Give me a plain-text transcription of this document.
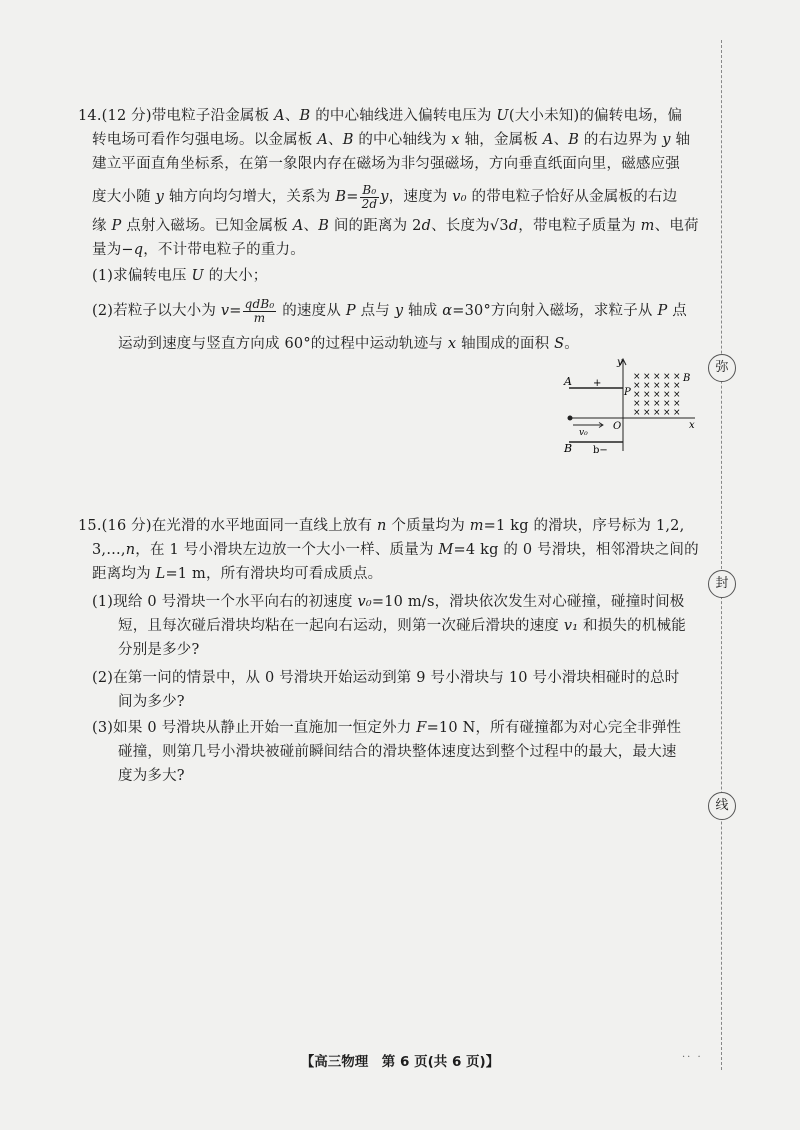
14.(12 分)带电粒子沿金属板 A、B 的中心轴线进入偏转电压为 U(大小未知)的偏转电场，偏
转电场可看作匀强电场。以金属板 A、B 的中心轴线为 x 轴，金属板 A、B 的右边界为 y 轴
建立平面直角坐标系，在第一象限内存在磁场为非匀强磁场，方向垂直纸面向里，磁感应强
度大小随 y 轴方向均匀增大，关系为 $B= \frac{\text{B₀}}{2d}$ y，速度为 v₀ 的带电粒子恰好从金属板的右边
缘 P 点射入磁场。已知金属板 A、B 间的距离为 2d、长度为√3d，带电粒子质量为 m、电荷
量为−q，不计带电粒子的重力。
(1)求偏转电压 U 的大小；
(2)若粒子以大小为 $v= \frac{\text{qdB₀}}{m}$ 的速度从 P 点与 y 轴成 α=30°方向射入磁场，求粒子从 P 点
运动到速度与竖直方向成 60°的过程中运动轨迹与 x 轴围成的面积 S。
v₀
A +
B b−
P
O
y
x
B
× × × × ×
× × × × ×
× × × × ×
× × × × ×
× × × × ×
15.(16 分)在光滑的水平地面同一直线上放有 n 个质量均为 m=1 kg 的滑块，序号标为 1,2,
3,…,n，在 1 号小滑块左边放一个大小一样、质量为 M=4 kg 的 0 号滑块，相邻滑块之间的
距离均为 L=1 m，所有滑块均可看成质点。
(1)现给 0 号滑块一个水平向右的初速度 v₀=10 m/s，滑块依次发生对心碰撞，碰撞时间极
短，且每次碰后滑块均粘在一起向右运动，则第一次碰后滑块的速度 v₁ 和损失的机械能
分别是多少?
(2)在第一问的情景中，从 0 号滑块开始运动到第 9 号小滑块与 10 号小滑块相碰时的总时
间为多少?
(3)如果 0 号滑块从静止开始一直施加一恒定外力 F=10 N，所有碰撞都为对心完全非弹性
碰撞，则第几号小滑块被碰前瞬间结合的滑块整体速度达到整个过程中的最大，最大速
度为多大?
弥
封
线
【高三物理　第 6 页(共 6 页)】	·· ·
